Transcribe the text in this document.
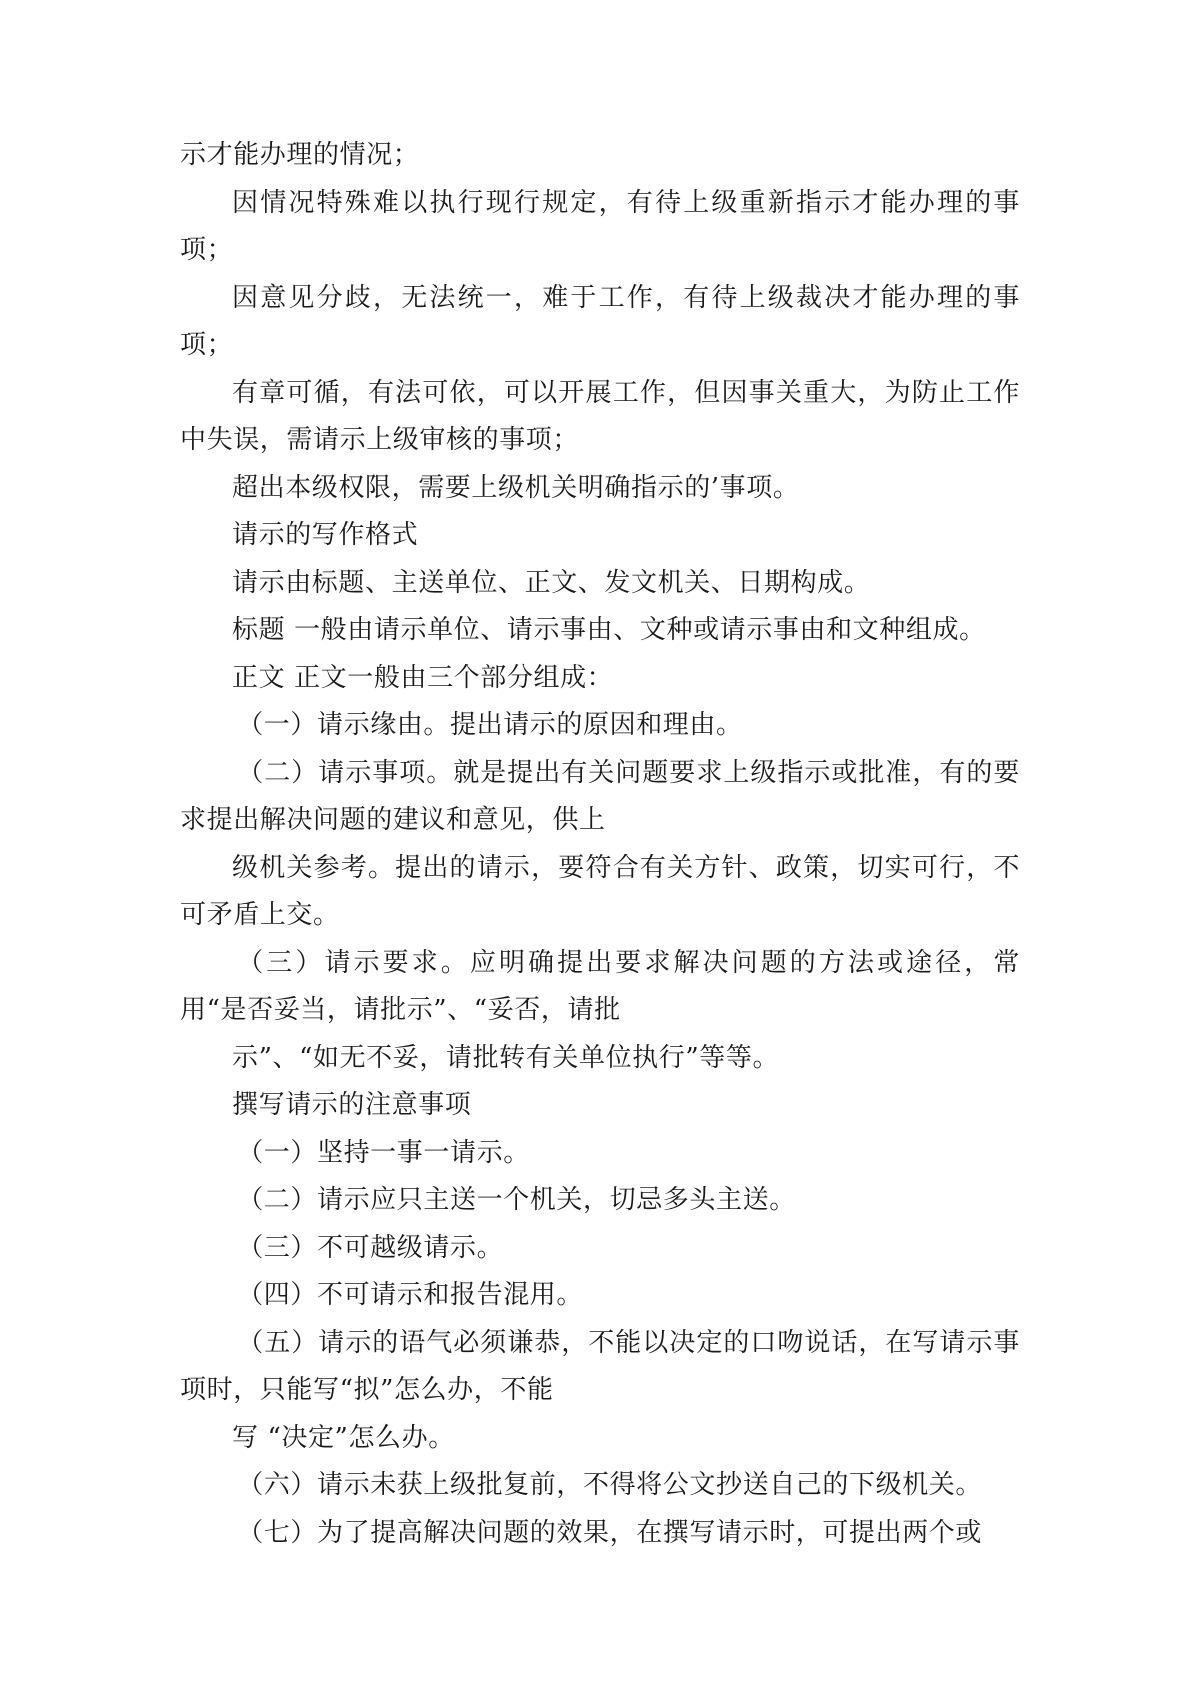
示才能办理的情况；

因情况特殊难以执行现行规定，有待上级重新指示才能办理的事项；

因意见分歧，无法统一，难于工作，有待上级裁决才能办理的事项；

有章可循，有法可依，可以开展工作，但因事关重大，为防止工作中失误，需请示上级审核的事项；

超出本级权限，需要上级机关明确指示的’事项。

请示的写作格式

请示由标题、主送单位、正文、发文机关、日期构成。

标题 一般由请示单位、请示事由、文种或请示事由和文种组成。

正文 正文一般由三个部分组成：

（一）请示缘由。提出请示的原因和理由。

（二）请示事项。就是提出有关问题要求上级指示或批准，有的要求提出解决问题的建议和意见，供上

级机关参考。提出的请示，要符合有关方针、政策，切实可行，不可矛盾上交。

（三）请示要求。应明确提出要求解决问题的方法或途径，常用“是否妥当，请批示”、“妥否，请批

示”、“如无不妥，请批转有关单位执行”等等。

撰写请示的注意事项

（一）坚持一事一请示。

（二）请示应只主送一个机关，切忌多头主送。

（三）不可越级请示。

（四）不可请示和报告混用。

（五）请示的语气必须谦恭，不能以决定的口吻说话，在写请示事项时，只能写“拟”怎么办，不能

写 “决定”怎么办。

（六）请示未获上级批复前，不得将公文抄送自己的下级机关。

（七）为了提高解决问题的效果，在撰写请示时，可提出两个或
